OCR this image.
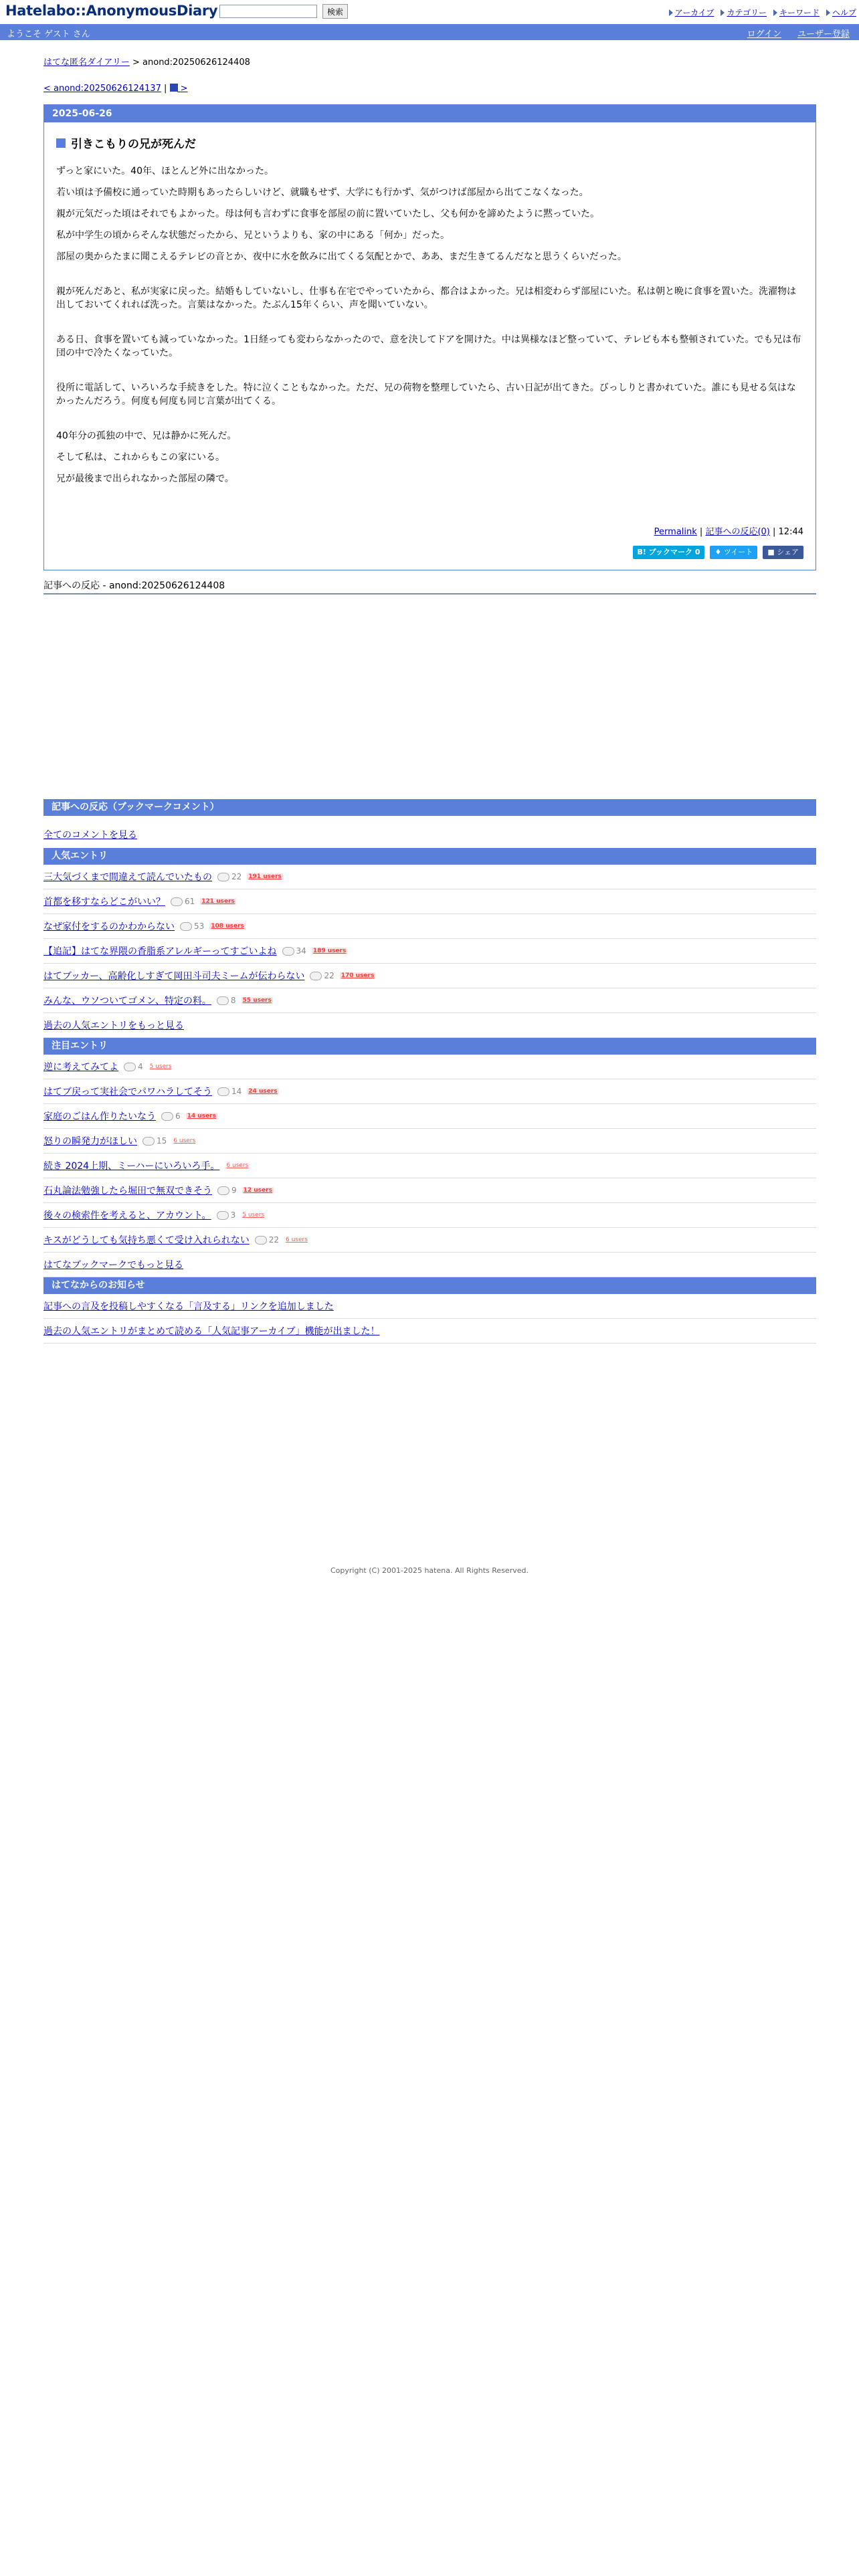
Hatelabo::AnonymousDiary	検索	アーカイブ カテゴリー キーワード ヘルプ
ようこそ ゲスト さん	ログイン ユーザー登録
はてな匿名ダイアリー > anond:20250626124408
< anond:20250626124137 | >
2025-06-26
引きこもりの兄が死んだ

ずっと家にいた。40年、ほとんど外に出なかった。

若い頃は予備校に通っていた時期もあったらしいけど、就職もせず、大学にも行かず、気がつけば部屋から出てこなくなった。

親が元気だった頃はそれでもよかった。母は何も言わずに食事を部屋の前に置いていたし、父も何かを諦めたように黙っていた。

私が中学生の頃からそんな状態だったから、兄というよりも、家の中にある「何か」だった。

部屋の奥からたまに聞こえるテレビの音とか、夜中に水を飲みに出てくる気配とかで、ああ、まだ生きてるんだなと思うくらいだった。

親が死んだあと、私が実家に戻った。結婚もしていないし、仕事も在宅でやっていたから、都合はよかった。兄は相変わらず部屋にいた。私は朝と晩に食事を置いた。洗濯物は出しておいてくれれば洗った。言葉はなかった。たぶん15年くらい、声を聞いていない。

ある日、食事を置いても減っていなかった。1日経っても変わらなかったので、意を決してドアを開けた。中は異様なほど整っていて、テレビも本も整頓されていた。でも兄は布団の中で冷たくなっていた。

役所に電話して、いろいろな手続きをした。特に泣くこともなかった。ただ、兄の荷物を整理していたら、古い日記が出てきた。びっしりと書かれていた。誰にも見せる気はなかったんだろう。何度も何度も同じ言葉が出てくる。

40年分の孤独の中で、兄は静かに死んだ。

そして私は、これからもこの家にいる。

兄が最後まで出られなかった部屋の隣で。

Permalink | 記事への反応(0) | 12:44
B! ブックマーク 0	♦ ツイート	■ シェア
記事への反応 - anond:20250626124408
記事への反応（ブックマークコメント）
全てのコメントを見る
人気エントリ
三大気づくまで間違えて読んでいたもの 22 191 users
首都を移すならどこがいい？ 61 121 users
なぜ家付をするのかわからない 53 108 users
【追記】はてな界隈の香脂系アレルギーってすごいよね 34 189 users
はてブッカー、高齢化しすぎて岡田斗司夫ミームが伝わらない 22 170 users
みんな、ウソついてゴメン、特定の料。 8 55 users
過去の人気エントリをもっと見る
注目エントリ
逆に考えてみてよ 4 5 users
はてブ戻って実社会でパワハラしてそう 14 24 users
家庭のごはん作りたいなう 6 14 users
怒りの瞬発力がほしい 15 6 users
続き 2024上期、ミーハーにいろいろ手。 6 users
石丸論法勉強したら堀田で無双できそう 9 12 users
後々の検索件を考えると、アカウント。 3 5 users
キスがどうしても気持ち悪くて受け入れられない 22 6 users
はてなブックマークでもっと見る
はてなからのお知らせ
記事への言及を投稿しやすくなる「言及する」リンクを追加しました
過去の人気エントリがまとめて読める「人気記事アーカイブ」機能が出ました！
Copyright (C) 2001-2025 hatena. All Rights Reserved.
